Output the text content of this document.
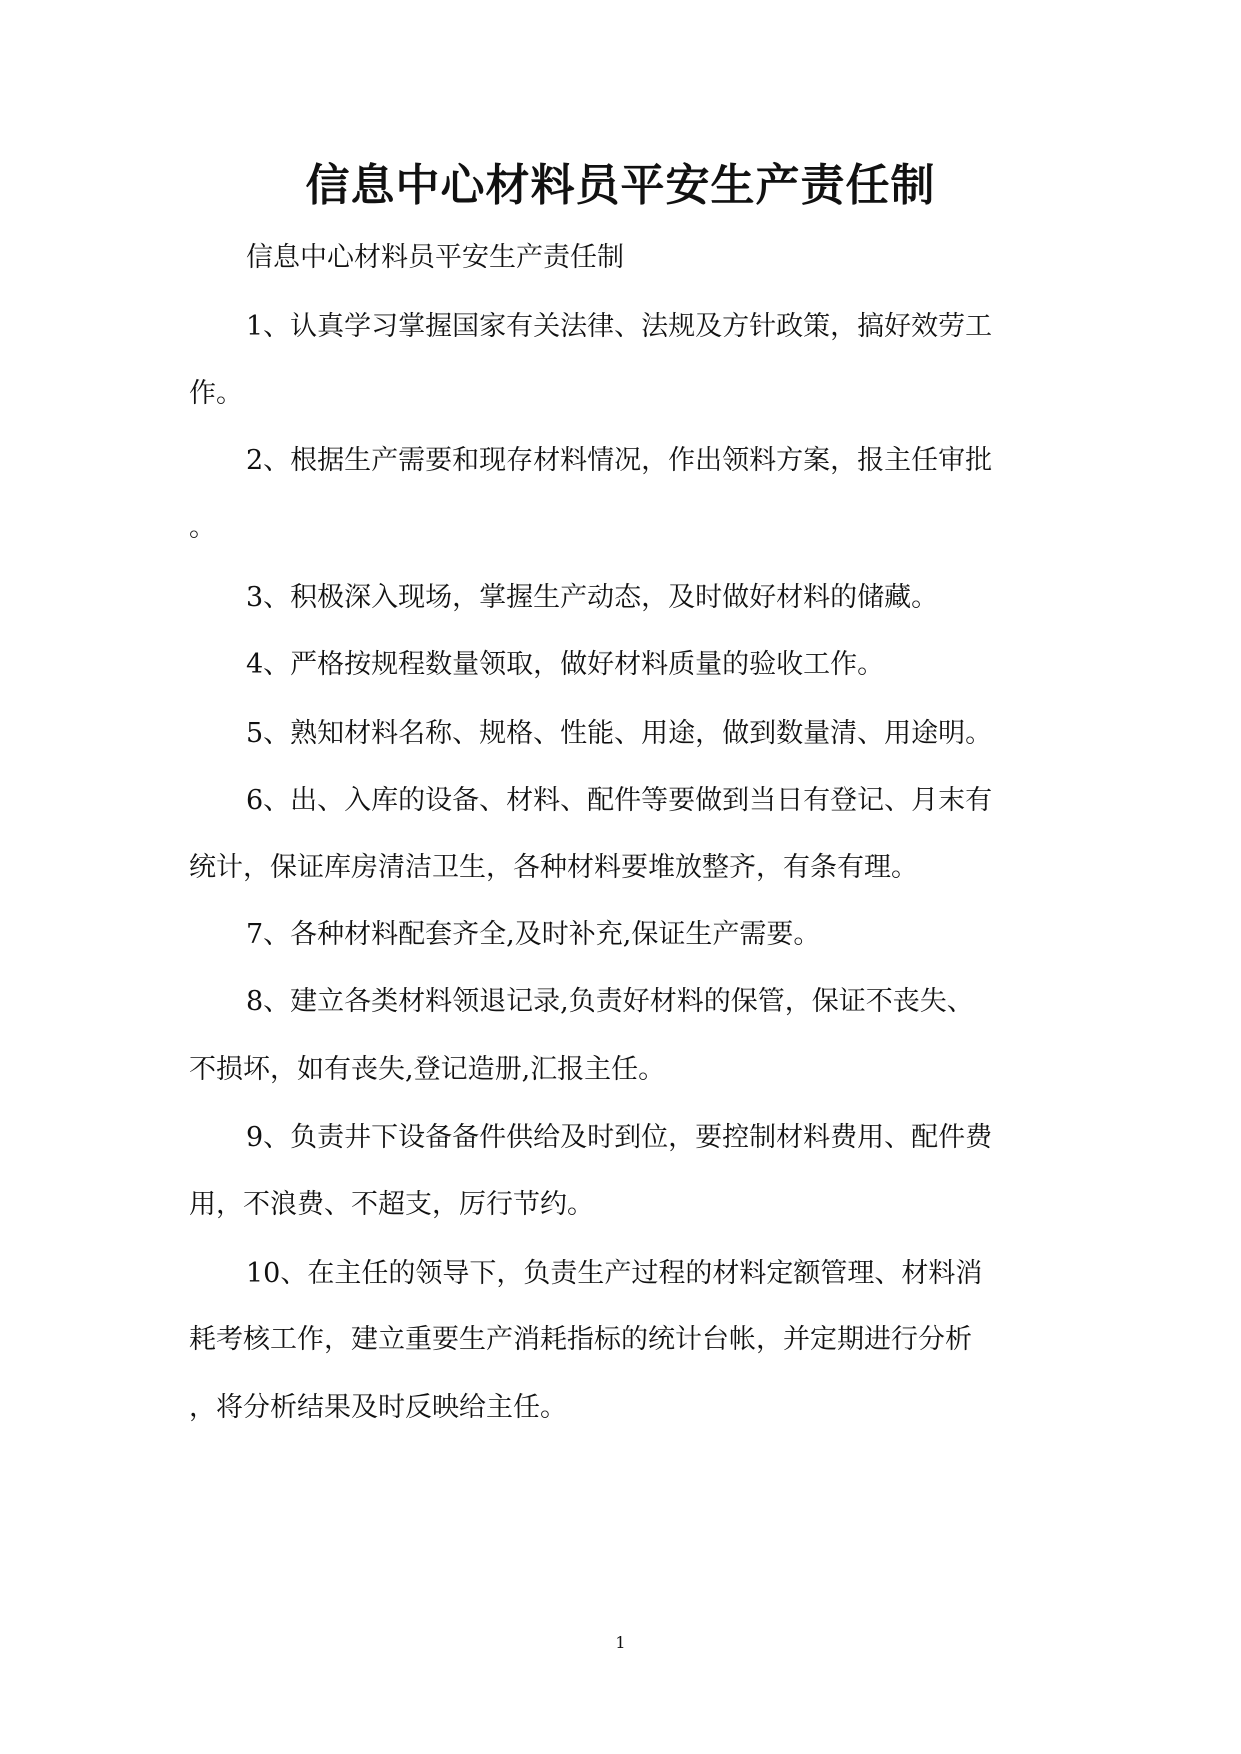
信息中心材料员平安生产责任制
信息中心材料员平安生产责任制
1、认真学习掌握国家有关法律、法规及方针政策，搞好效劳工
作。
2、根据生产需要和现存材料情况，作出领料方案，报主任审批
。
3、积极深入现场，掌握生产动态，及时做好材料的储藏。
4、严格按规程数量领取，做好材料质量的验收工作。
5、熟知材料名称、规格、性能、用途，做到数量清、用途明。
6、出、入库的设备、材料、配件等要做到当日有登记、月末有
统计，保证库房清洁卫生，各种材料要堆放整齐，有条有理。
7、各种材料配套齐全,及时补充,保证生产需要。
8、建立各类材料领退记录,负责好材料的保管，保证不丧失、
不损坏，如有丧失,登记造册,汇报主任。
9、负责井下设备备件供给及时到位，要控制材料费用、配件费
用，不浪费、不超支，厉行节约。
10、在主任的领导下，负责生产过程的材料定额管理、材料消
耗考核工作，建立重要生产消耗指标的统计台帐，并定期进行分析
，将分析结果及时反映给主任。
1
